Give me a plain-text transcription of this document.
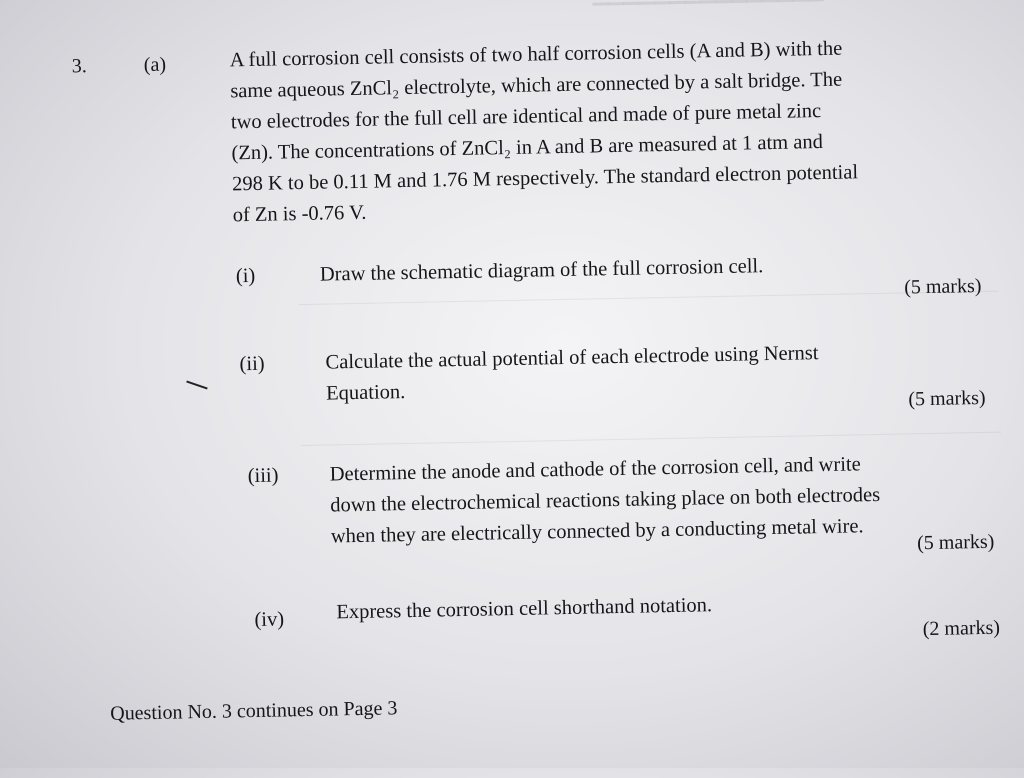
▔▔▔▔▔▔▔▔▔▔▔▔▔▔▔
3.	(a)	A full corrosion cell consists of two half corrosion cells (A and B) with the

same aqueous ZnCl₂ electrolyte, which are connected by a salt bridge. The

two electrodes for the full cell are identical and made of pure metal zinc

(Zn). The concentrations of ZnCl₂ in A and B are measured at 1 atm and

298 K to be 0.11 M and 1.76 M respectively. The standard electron potential

of Zn is -0.76 V.

(i)	Draw the schematic diagram of the full corrosion cell.
(5 marks)
(ii)	Calculate the actual potential of each electrode using Nernst
Equation.	(5 marks)
(iii) Determine the anode and cathode of the corrosion cell, and write
down the electrochemical reactions taking place on both electrodes
when they are electrically connected by a conducting metal wire.	(5 marks)
(iv)	Express the corrosion cell shorthand notation.
(2 marks)
Question No. 3 continues on Page 3
